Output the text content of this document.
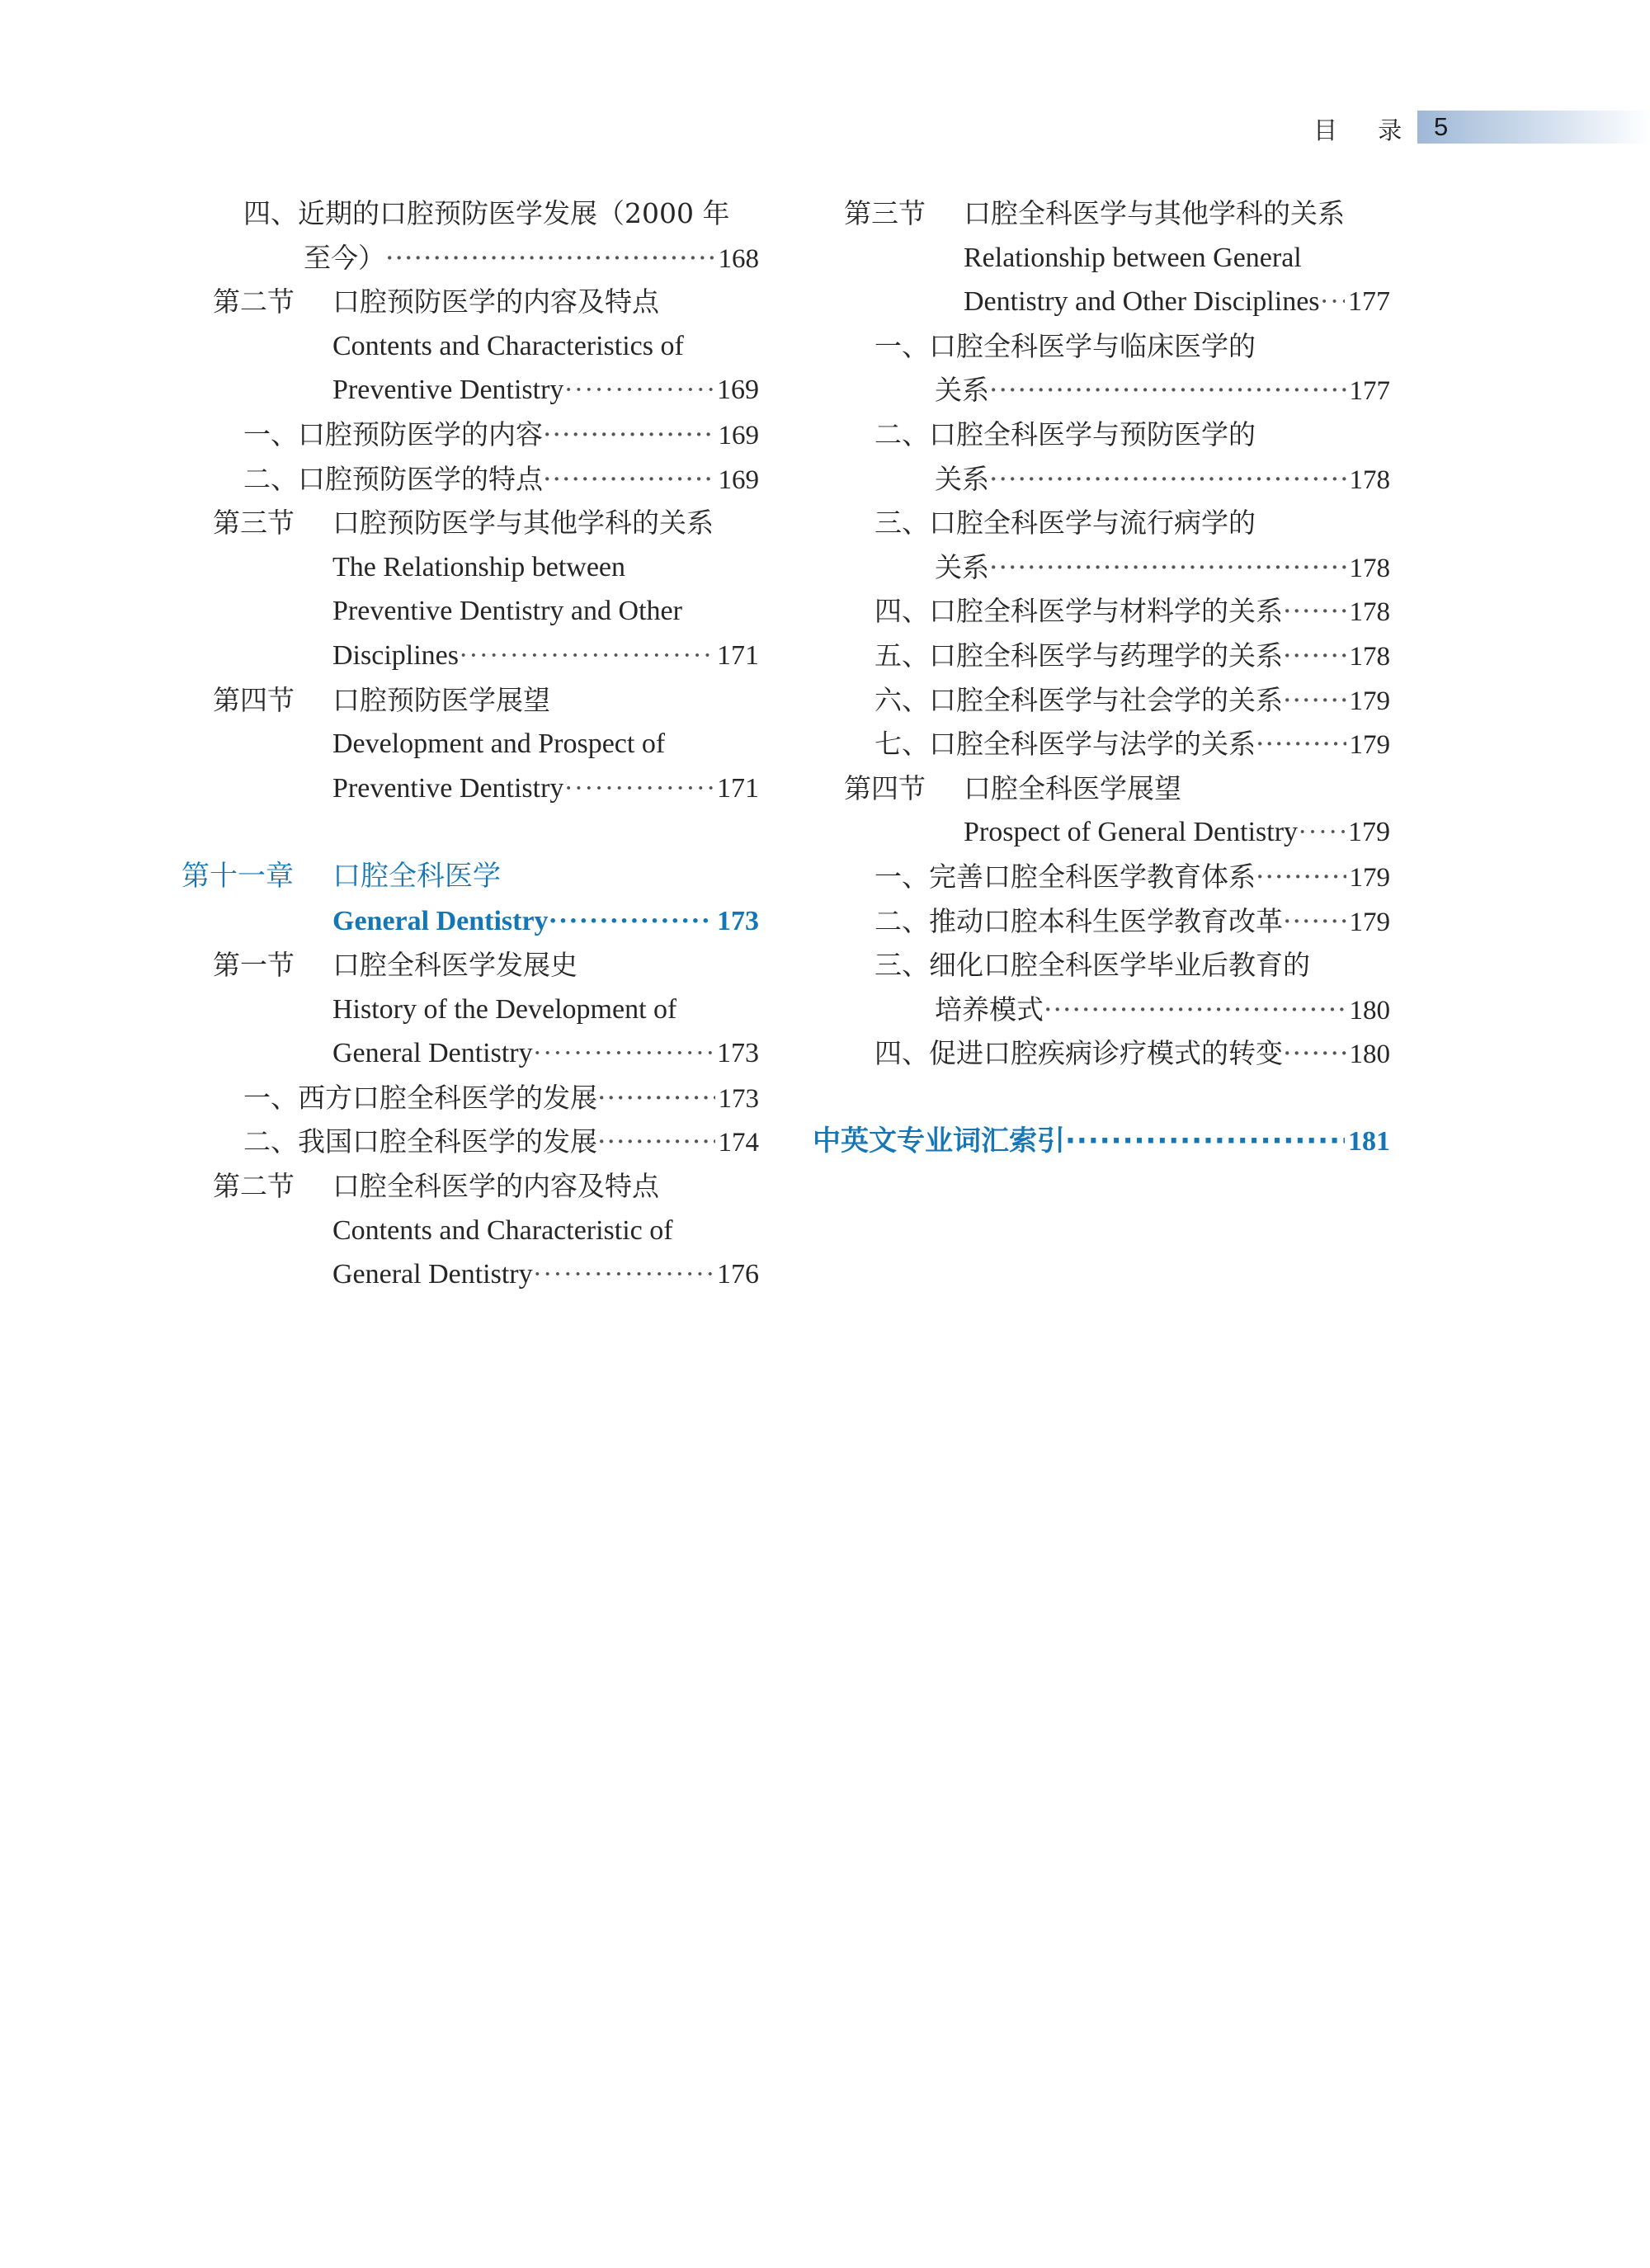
5
目 录
四、近期的口腔预防医学发展（2000 年
至今） ·····	168
第二节	口腔预防医学的内容及特点
Contents and Characteristics of
Preventive Dentistry ·····	169
一、口腔预防医学的内容 ·····	169
二、口腔预防医学的特点 ·····	169
第三节	口腔预防医学与其他学科的关系
The Relationship between
Preventive Dentistry and Other
Disciplines ·····	171
第四节	口腔预防医学展望
Development and Prospect of
Preventive Dentistry ·····	171
第十一章	口腔全科医学
General Dentistry ·····	173
第一节	口腔全科医学发展史
History of the Development of
General Dentistry ·····	173
一、西方口腔全科医学的发展 ·····	173
二、我国口腔全科医学的发展 ·····	174
第二节	口腔全科医学的内容及特点
Contents and Characteristic of
General Dentistry ·····	176
第三节	口腔全科医学与其他学科的关系
Relationship between General
Dentistry and Other Disciplines ····· 177
一、口腔全科医学与临床医学的
关系 ·····	177
二、口腔全科医学与预防医学的
关系 ·····	178
三、口腔全科医学与流行病学的
关系 ·····	178
四、口腔全科医学与材料学的关系 ····· 178
五、口腔全科医学与药理学的关系 ····· 178
六、口腔全科医学与社会学的关系 ····· 179
七、口腔全科医学与法学的关系 ·····	179
第四节	口腔全科医学展望
Prospect of General Dentistry ····· 179
一、完善口腔全科医学教育体系 ·····	179
二、推动口腔本科生医学教育改革 ····· 179
三、细化口腔全科医学毕业后教育的
培养模式 ·····	180
四、促进口腔疾病诊疗模式的转变 ····· 180
中英文专业词汇索引 ·····	181
